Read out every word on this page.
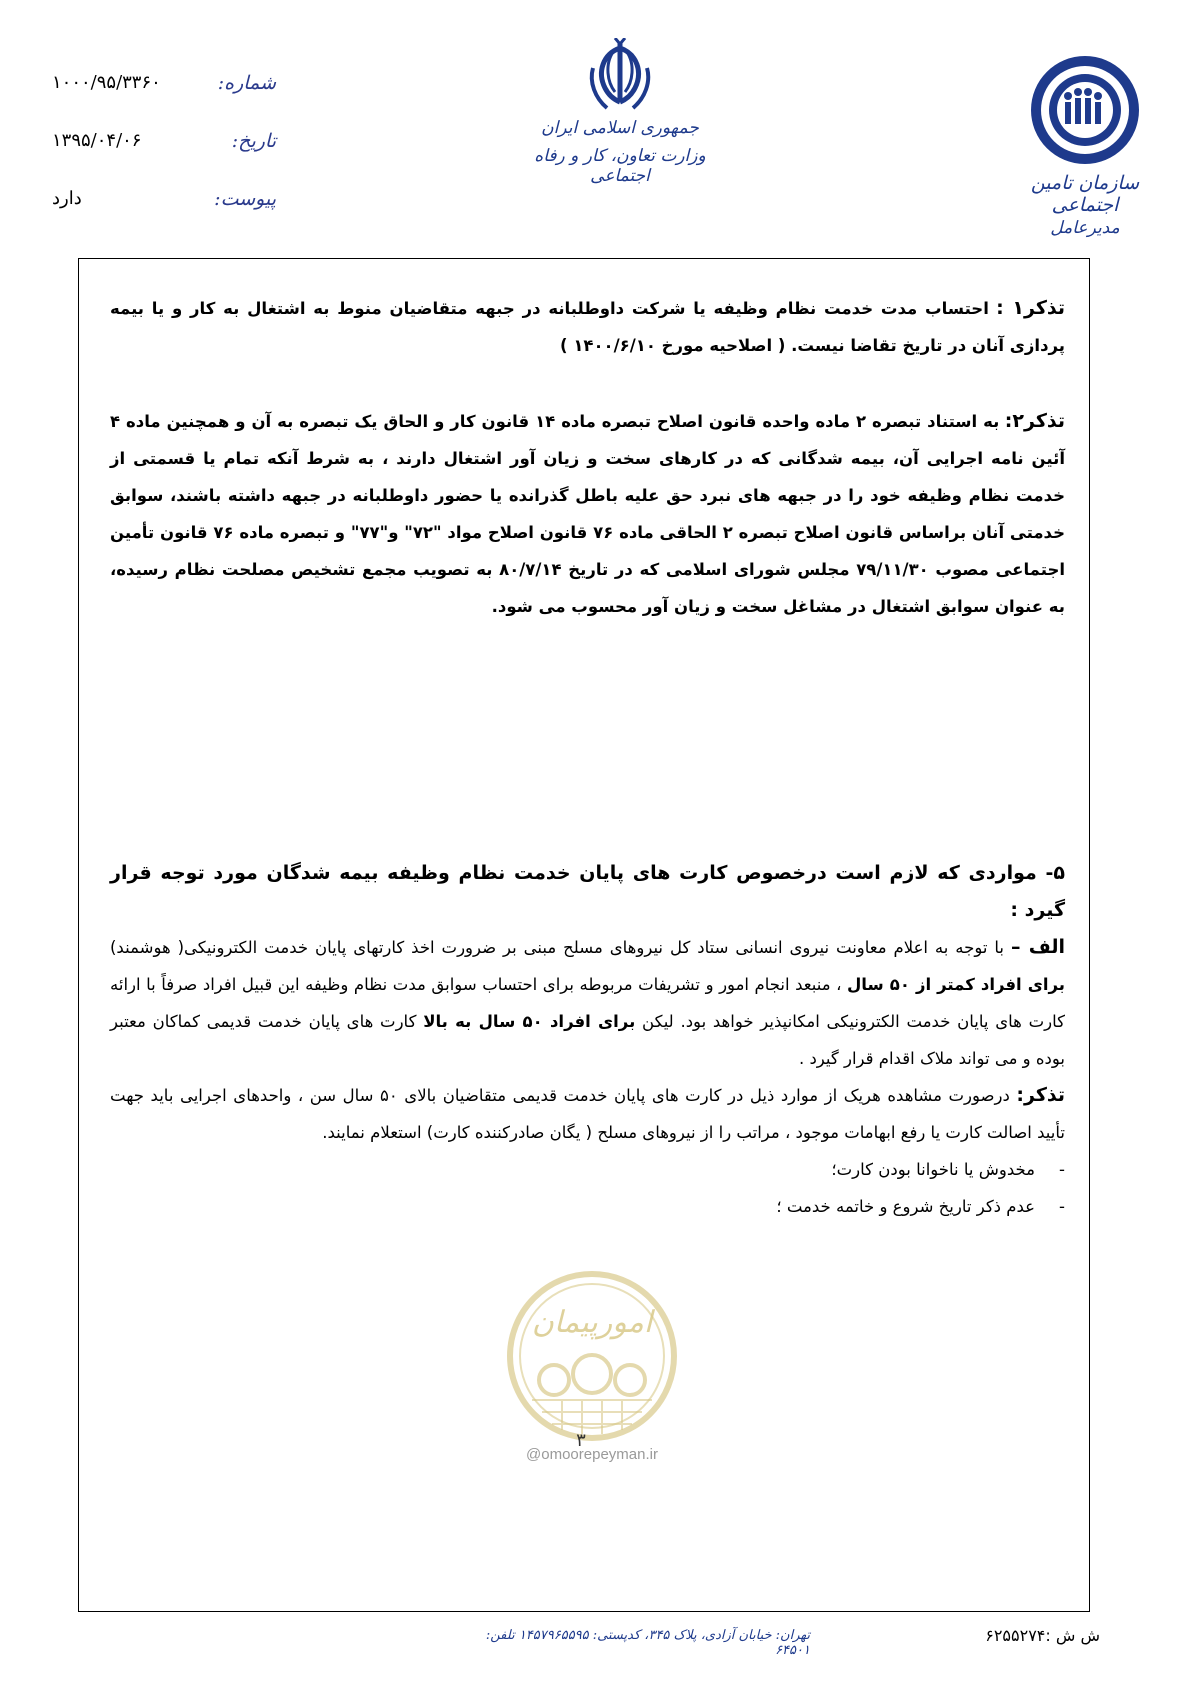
شماره:
۱۰۰۰/۹۵/۳۳۶۰
تاریخ:
۱۳۹۵/۰۴/۰۶
پیوست:
دارد
جمهوری اسلامی ایران
وزارت تعاون، کار و رفاه اجتماعی	سازمان تامین اجتماعی
مدیرعامل

تذکر۱ : احتساب مدت خدمت نظام وظیفه یا شرکت داوطلبانه در جبهه متقاضیان منوط به اشتغال به کار و یا بیمه پردازی آنان در تاریخ تقاضا نیست. ( اصلاحیه مورخ ۱۴۰۰/۶/۱۰ )

تذکر۲: به استناد تبصره ۲ ماده واحده قانون اصلاح تبصره ماده ۱۴ قانون کار و الحاق یک تبصره به آن و همچنین ماده ۴ آئین نامه اجرایی آن، بیمه شدگانی که در کارهای سخت و زیان آور اشتغال دارند ، به شرط آنکه تمام یا قسمتی از خدمت نظام وظیفه خود را در جبهه های نبرد حق علیه باطل گذرانده یا حضور داوطلبانه در جبهه داشته باشند، سوابق خدمتی آنان براساس قانون اصلاح تبصره ۲ الحاقی ماده ۷۶ قانون اصلاح مواد "۷۲" و"۷۷" و تبصره ماده ۷۶ قانون تأمین اجتماعی مصوب ۷۹/۱۱/۳۰ مجلس شورای اسلامی که در تاریخ ۸۰/۷/۱۴ به تصویب مجمع تشخیص مصلحت نظام رسیده، به عنوان سوابق اشتغال در مشاغل سخت و زیان آور محسوب می شود.

۵- مواردی که لازم است درخصوص کارت های پایان خدمت نظام وظیفه بیمه شدگان مورد توجه قرار گیرد :

الف – با توجه به اعلام معاونت نیروی انسانی ستاد کل نیروهای مسلح مبنی بر ضرورت اخذ کارتهای پایان خدمت الکترونیکی( هوشمند) برای افراد کمتر از ۵۰ سال ، منبعد انجام امور و تشریفات مربوطه برای احتساب سوابق مدت نظام وظیفه این قبیل افراد صرفاً با ارائه کارت های پایان خدمت الکترونیکی امکانپذیر خواهد بود. لیکن برای افراد ۵۰ سال به بالا کارت های پایان خدمت قدیمی کماکان معتبر بوده و می تواند ملاک اقدام قرار گیرد .

تذکر: درصورت مشاهده هریک از موارد ذیل در کارت های پایان خدمت قدیمی متقاضیان بالای ۵۰ سال سن ، واحدهای اجرایی باید جهت تأیید اصالت کارت یا رفع ابهامات موجود ، مراتب را از نیروهای مسلح ( یگان صادرکننده کارت) استعلام نمایند.

-
مخدوش یا ناخوانا بودن کارت؛
-
عدم ذکر تاریخ شروع و خاتمه خدمت ؛
امورپیمان
@omoorepeyman.ir
۳
تهران: خیابان آزادی، پلاک ۳۴۵، کدپستی: ۱۴۵۷۹۶۵۵۹۵ تلفن: ۶۴۵۰۱
ش ش :۶۲۵۵۲۷۴
